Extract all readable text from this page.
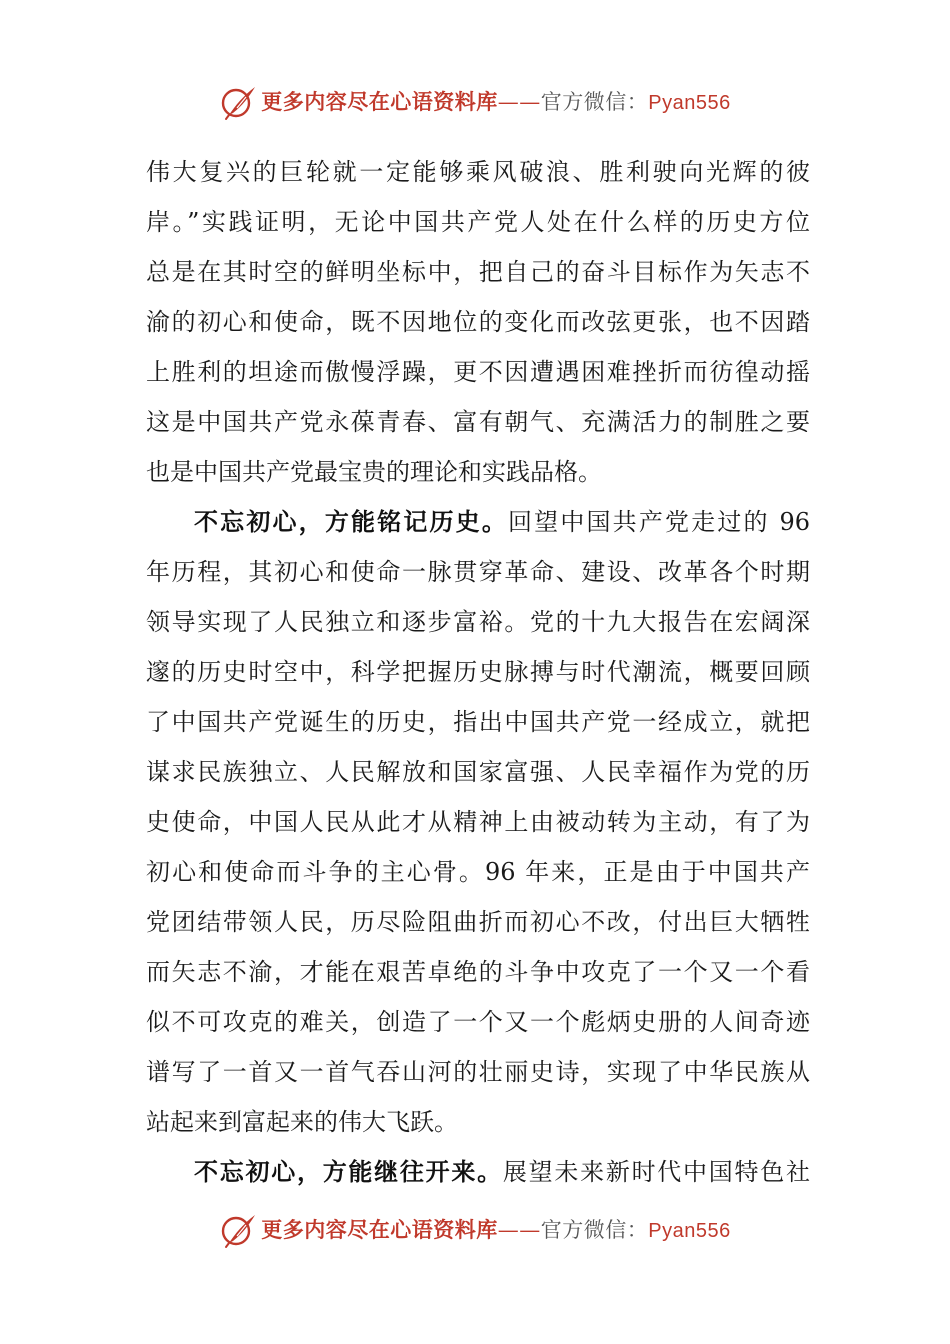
更多内容尽在心语资料库——官方微信：Pyan556
伟大复兴的巨轮就一定能够乘风破浪、胜利驶向光辉的彼
岸。”实践证明，无论中国共产党人处在什么样的历史方位
总是在其时空的鲜明坐标中，把自己的奋斗目标作为矢志不
渝的初心和使命，既不因地位的变化而改弦更张，也不因踏
上胜利的坦途而傲慢浮躁，更不因遭遇困难挫折而彷徨动摇
这是中国共产党永葆青春、富有朝气、充满活力的制胜之要
也是中国共产党最宝贵的理论和实践品格。
不忘初心，方能铭记历史。回望中国共产党走过的 96
年历程，其初心和使命一脉贯穿革命、建设、改革各个时期
领导实现了人民独立和逐步富裕。党的十九大报告在宏阔深
邃的历史时空中，科学把握历史脉搏与时代潮流，概要回顾
了中国共产党诞生的历史，指出中国共产党一经成立，就把
谋求民族独立、人民解放和国家富强、人民幸福作为党的历
史使命，中国人民从此才从精神上由被动转为主动，有了为
初心和使命而斗争的主心骨。96 年来，正是由于中国共产
党团结带领人民，历尽险阻曲折而初心不改，付出巨大牺牲
而矢志不渝，才能在艰苦卓绝的斗争中攻克了一个又一个看
似不可攻克的难关，创造了一个又一个彪炳史册的人间奇迹
谱写了一首又一首气吞山河的壮丽史诗，实现了中华民族从
站起来到富起来的伟大飞跃。
不忘初心，方能继往开来。展望未来新时代中国特色社
更多内容尽在心语资料库——官方微信：Pyan556
